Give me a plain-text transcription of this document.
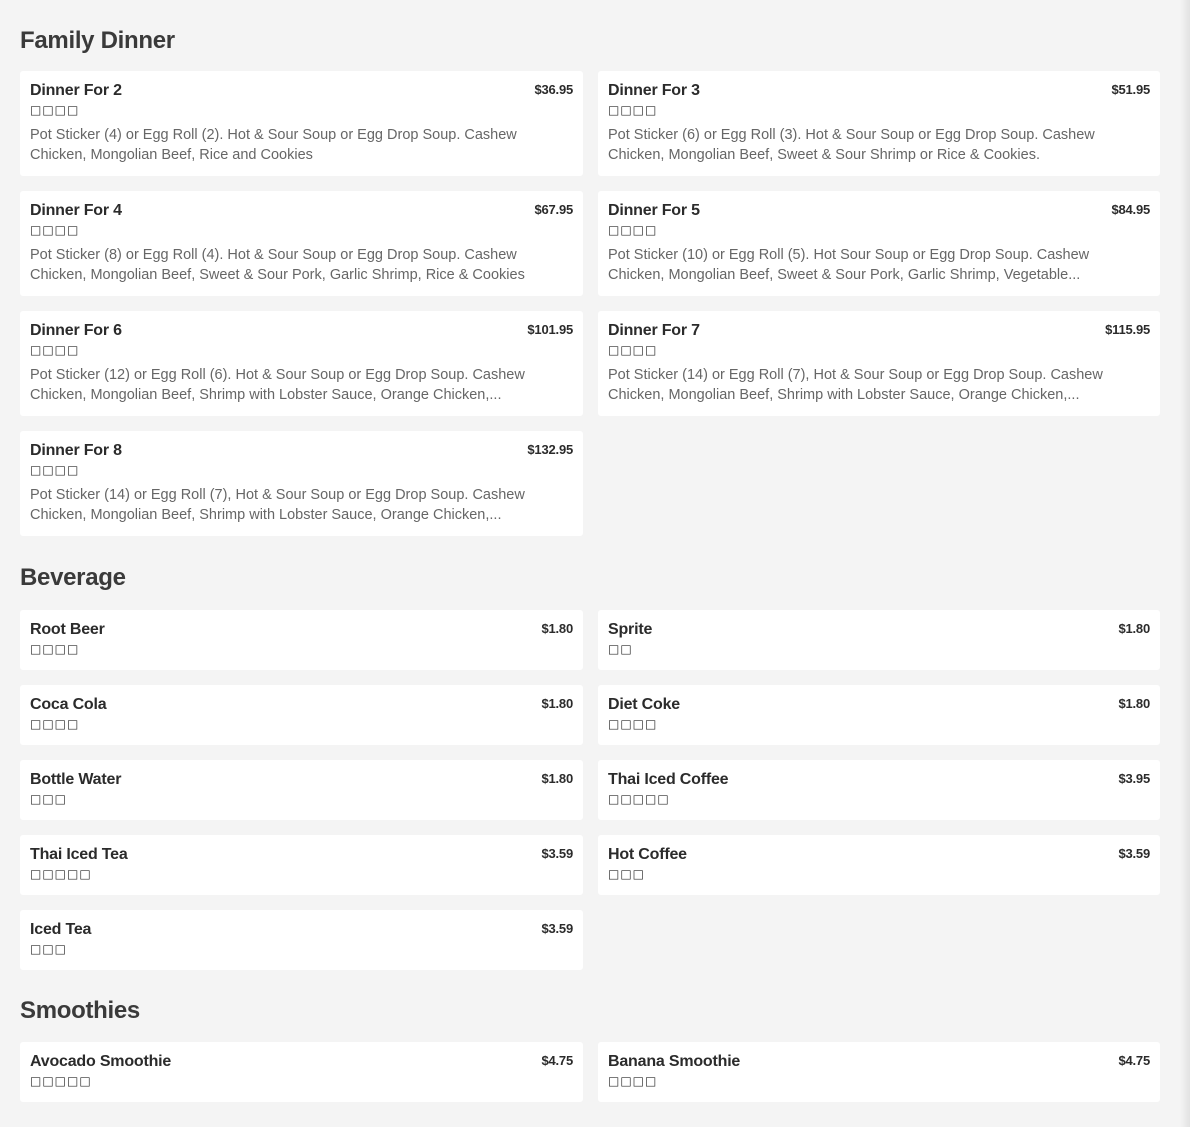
Family Dinner
Dinner For 2	$36.95
□□□□
Pot Sticker (4) or Egg Roll (2). Hot & Sour Soup or Egg Drop Soup. Cashew Chicken, Mongolian Beef, Rice and Cookies
Dinner For 3	$51.95
□□□□
Pot Sticker (6) or Egg Roll (3). Hot & Sour Soup or Egg Drop Soup. Cashew Chicken, Mongolian Beef, Sweet & Sour Shrimp or Rice & Cookies.
Dinner For 4	$67.95
□□□□
Pot Sticker (8) or Egg Roll (4). Hot & Sour Soup or Egg Drop Soup. Cashew Chicken, Mongolian Beef, Sweet & Sour Pork, Garlic Shrimp, Rice & Cookies
Dinner For 5	$84.95
□□□□
Pot Sticker (10) or Egg Roll (5). Hot Sour Soup or Egg Drop Soup. Cashew Chicken, Mongolian Beef, Sweet & Sour Pork, Garlic Shrimp, Vegetable...
Dinner For 6	$101.95
□□□□
Pot Sticker (12) or Egg Roll (6). Hot & Sour Soup or Egg Drop Soup. Cashew Chicken, Mongolian Beef, Shrimp with Lobster Sauce, Orange Chicken,...
Dinner For 7	$115.95
□□□□
Pot Sticker (14) or Egg Roll (7), Hot & Sour Soup or Egg Drop Soup. Cashew Chicken, Mongolian Beef, Shrimp with Lobster Sauce, Orange Chicken,...
Dinner For 8	$132.95
□□□□
Pot Sticker (14) or Egg Roll (7), Hot & Sour Soup or Egg Drop Soup. Cashew Chicken, Mongolian Beef, Shrimp with Lobster Sauce, Orange Chicken,...
Beverage
Root Beer	$1.80
□□□□
Sprite	$1.80
□□
Coca Cola	$1.80
□□□□
Diet Coke	$1.80
□□□□
Bottle Water	$1.80
□□□
Thai Iced Coffee	$3.95
□□□□□
Thai Iced Tea	$3.59
□□□□□
Hot Coffee	$3.59
□□□
Iced Tea	$3.59
□□□
Smoothies
Avocado Smoothie	$4.75
□□□□□
Banana Smoothie	$4.75
□□□□
